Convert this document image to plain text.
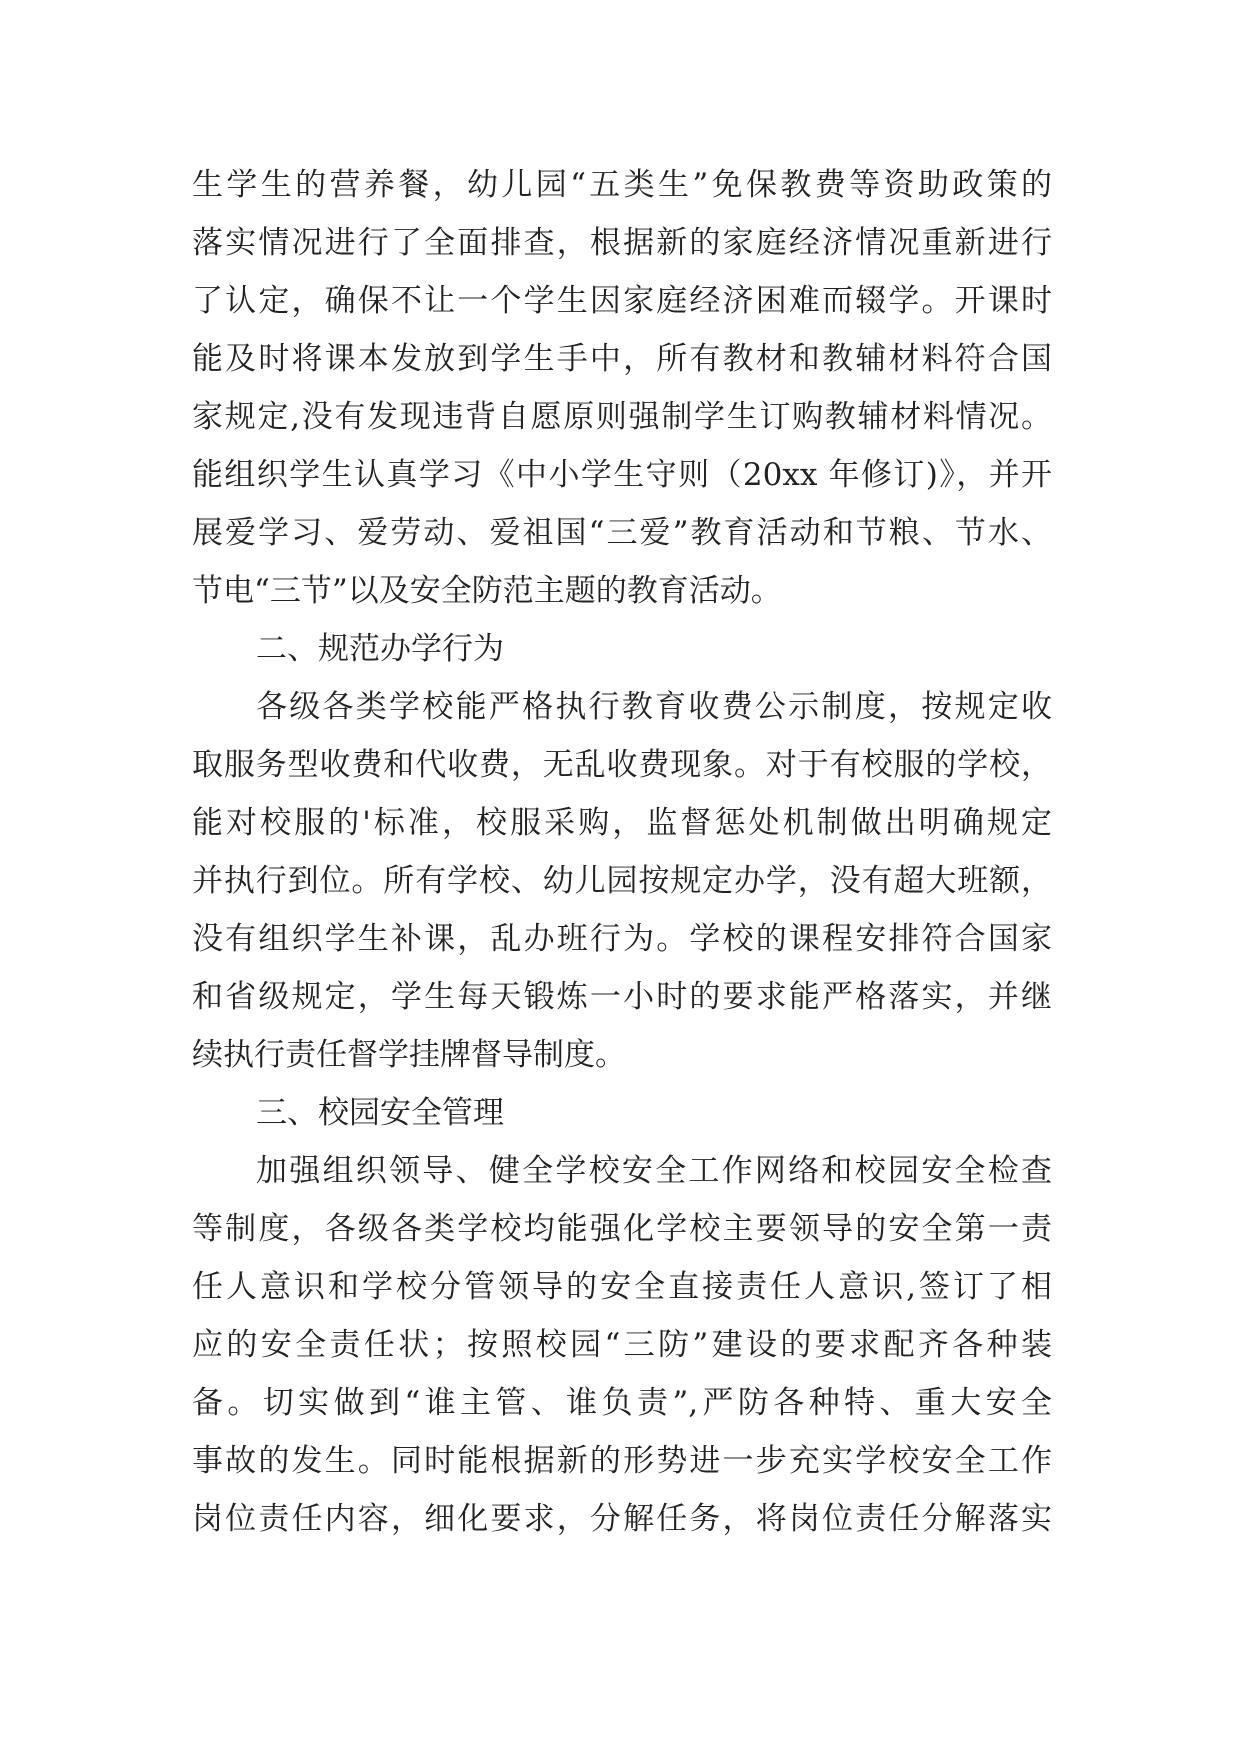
生学生的营养餐，幼儿园“五类生”免保教费等资助政策的
落实情况进行了全面排查，根据新的家庭经济情况重新进行
了认定，确保不让一个学生因家庭经济困难而辍学。开课时
能及时将课本发放到学生手中，所有教材和教辅材料符合国
家规定,没有发现违背自愿原则强制学生订购教辅材料情况。
能组织学生认真学习《中小学生守则（20xx 年修订)》，并开
展爱学习、爱劳动、爱祖国“三爱”教育活动和节粮、节水、
节电“三节”以及安全防范主题的教育活动。
二、规范办学行为
各级各类学校能严格执行教育收费公示制度，按规定收
取服务型收费和代收费，无乱收费现象。对于有校服的学校，
能对校服的'标准，校服采购，监督惩处机制做出明确规定
并执行到位。所有学校、幼儿园按规定办学，没有超大班额，
没有组织学生补课，乱办班行为。学校的课程安排符合国家
和省级规定，学生每天锻炼一小时的要求能严格落实，并继
续执行责任督学挂牌督导制度。
三、校园安全管理
加强组织领导、健全学校安全工作网络和校园安全检查
等制度，各级各类学校均能强化学校主要领导的安全第一责
任人意识和学校分管领导的安全直接责任人意识,签订了相
应的安全责任状；按照校园“三防”建设的要求配齐各种装
备。切实做到“谁主管、谁负责”,严防各种特、重大安全
事故的发生。同时能根据新的形势进一步充实学校安全工作
岗位责任内容，细化要求，分解任务，将岗位责任分解落实
